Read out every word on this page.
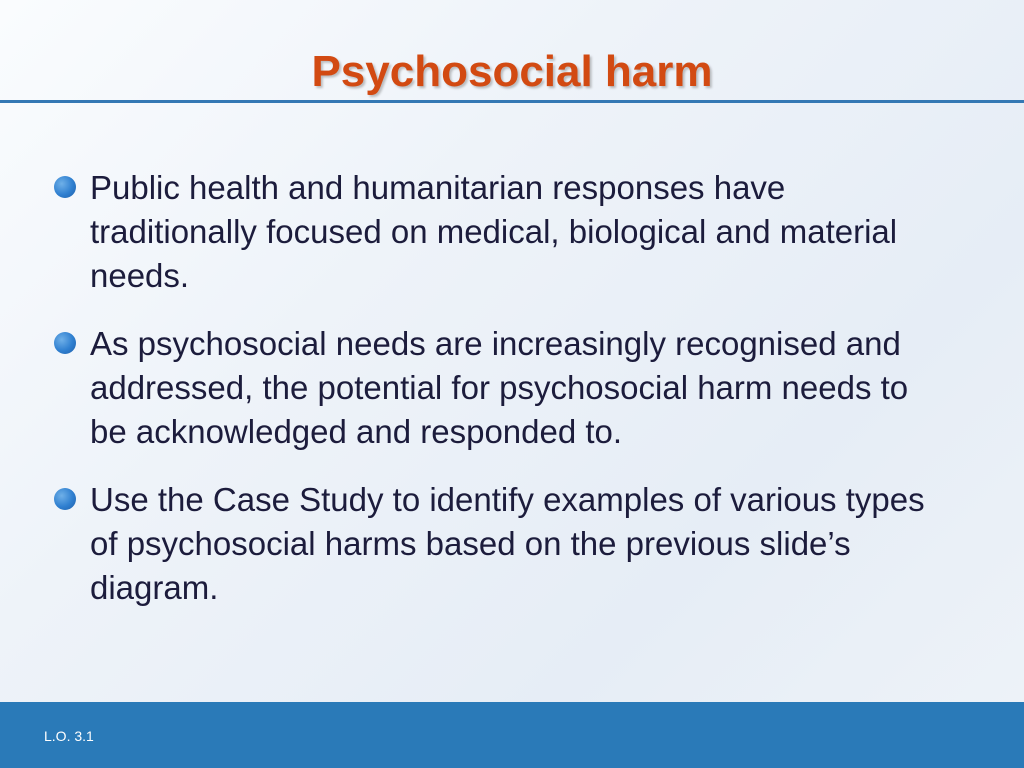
Psychosocial harm
Public health and humanitarian responses have traditionally focused on medical, biological and material needs.
As psychosocial needs are increasingly recognised and addressed, the potential for psychosocial harm needs to be acknowledged and responded to.
Use the Case Study to identify examples of various types of psychosocial harms based on the previous slide’s diagram.
L.O. 3.1
